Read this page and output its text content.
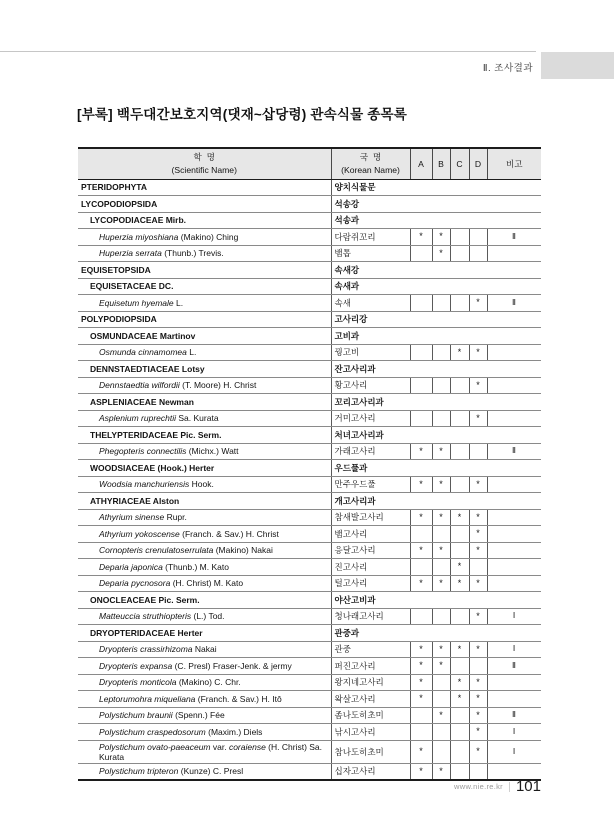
Ⅱ. 조사결과
[부록] 백두대간보호지역(댓재~삽당령) 관속식물 종목록
학  명
(Scientific Name)

국  명
(Korean Name)
	A	B	C	D	비고
PTERIDOPHYTA	양치식물문					
LYCOPODIOPSIDA	석송강					
LYCOPODIACEAE Mirb.	석송과					
Huperzia miyoshiana (Makino) Ching	다람쥐꼬리	*	*			Ⅱ
Huperzia serrata (Thunb.) Trevis.	뱀톱		*			
EQUISETOPSIDA	속새강					
EQUISETACEAE DC.	속새과					
Equisetum hyemale L.	속새				*	Ⅱ
POLYPODIOPSIDA	고사리강					
OSMUNDACEAE Martinov	고비과					
Osmunda cinnamomea L.	꿩고비			*	*	
DENNSTAEDTIACEAE Lotsy	잔고사리과					
Dennstaedtia wilfordii (T. Moore) H. Christ	황고사리				*	
ASPLENIACEAE Newman	꼬리고사리과					
Asplenium ruprechtii Sa. Kurata	거미고사리				*	
THELYPTERIDACEAE Pic. Serm.	처녀고사리과					
Phegopteris connectilis (Michx.) Watt	가래고사리	*	*			Ⅱ
WOODSIACEAE (Hook.) Herter	우드풀과					
Woodsia manchuriensis Hook.	만주우드풀	*	*		*	
ATHYRIACEAE Alston	개고사리과					
Athyrium sinense Rupr.	참새발고사리	*	*	*	*	
Athyrium yokoscense (Franch. & Sav.) H. Christ	뱀고사리				*	
Cornopteris crenulatoserrulata (Makino) Nakai	응달고사리	*	*		*	
Deparia japonica (Thunb.) M. Kato	진고사리			*		
Deparia pycnosora (H. Christ) M. Kato	털고사리	*	*	*	*	
ONOCLEACEAE Pic. Serm.	야산고비과					
Matteuccia struthiopteris (L.) Tod.	청나래고사리				*	Ⅰ
DRYOPTERIDACEAE Herter	관중과					
Dryopteris crassirhizoma Nakai	관중	*	*	*	*	Ⅰ
Dryopteris expansa (C. Presl) Fraser-Jenk. & jermy	퍼진고사리	*	*			Ⅱ
Dryopteris monticola (Makino) C. Chr.	왕지네고사리	*		*	*	
Leptorumohra miqueliana (Franch. & Sav.) H. Itô	왁살고사리	*		*	*	
Polystichum braunii (Spenn.) Fée	좀나도히초미		*		*	Ⅱ
Polystichum craspedosorum (Maxim.) Diels	낚시고사리				*	Ⅰ
Polystichum ovato-paeaceum var. coraiense (H. Christ) Sa. Kurata	참나도히초미	*			*	Ⅰ
Polystichum tripteron (Kunze) C. Presl	십자고사리	*	*			
www.nie.re.kr 101
